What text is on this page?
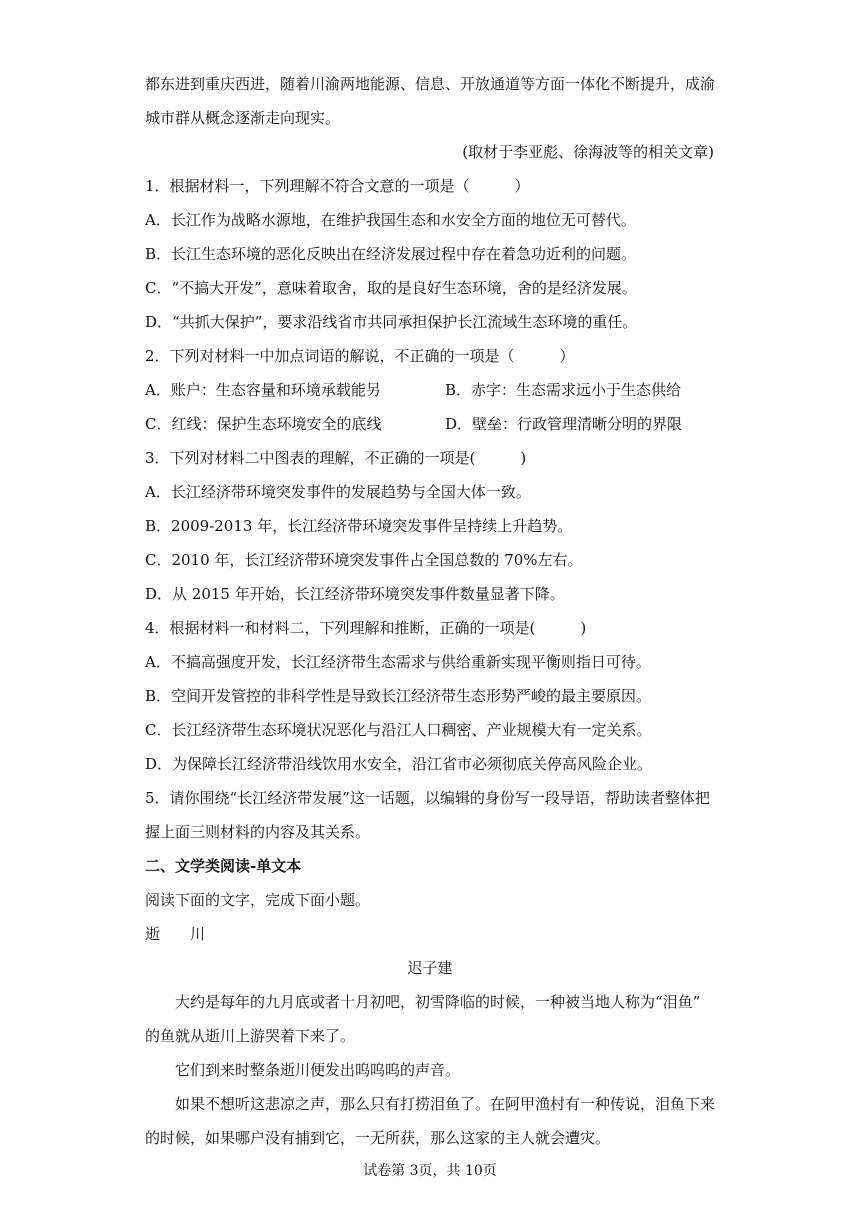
都东进到重庆西进，随着川渝两地能源、信息、开放通道等方面一体化不断提升，成渝
城市群从概念逐渐走向现实。
(取材于李亚彪、徐海波等的相关文章)
1．根据材料一，下列理解不符合文意的一项是（　　　）
A．长江作为战略水源地，在维护我国生态和水安全方面的地位无可替代。
B．长江生态环境的恶化反映出在经济发展过程中存在着急功近利的问题。
C．“不搞大开发”，意味着取舍，取的是良好生态环境，舍的是经济发展。
D．“共抓大保护”，要求沿线省市共同承担保护长江流域生态环境的重任。
2．下列对材料一中加点词语的解说，不正确的一项是（　　　）
A．账户：生态容量和环境承载能另	B．赤字：生态需求远小于生态供给
C．红线：保护生态环境安全的底线	D．壁垒：行政管理清晰分明的界限
3．下列对材料二中图表的理解，不正确的一项是(　　　)
A．长江经济带环境突发事件的发展趋势与全国大体一致。
B．2009-2013 年，长江经济带环境突发事件呈持续上升趋势。
C．2010 年，长江经济带环境突发事件占全国总数的 70%左右。
D．从 2015 年开始，长江经济带环境突发事件数量显著下降。
4．根据材料一和材料二，下列理解和推断，正确的一项是(　　　)
A．不搞高强度开发，长江经济带生态需求与供给重新实现平衡则指日可待。
B．空间开发管控的非科学性是导致长江经济带生态形势严峻的最主要原因。
C．长江经济带生态环境状况恶化与沿江人口稠密、产业规模大有一定关系。
D．为保障长江经济带沿线饮用水安全，沿江省市必须彻底关停高风险企业。
5．请你围绕“长江经济带发展”这一话题，以编辑的身份写一段导语，帮助读者整体把
握上面三则材料的内容及其关系。
二、文学类阅读-单文本
阅读下面的文字，完成下面小题。
逝　　川
迟子建
大约是每年的九月底或者十月初吧，初雪降临的时候，一种被当地人称为“泪鱼”
的鱼就从逝川上游哭着下来了。
它们到来时整条逝川便发出呜呜呜的声音。
如果不想听这悲凉之声，那么只有打捞泪鱼了。在阿甲渔村有一种传说，泪鱼下来
的时候，如果哪户没有捕到它，一无所获，那么这家的主人就会遭灾。
试卷第 3页，共 10页
